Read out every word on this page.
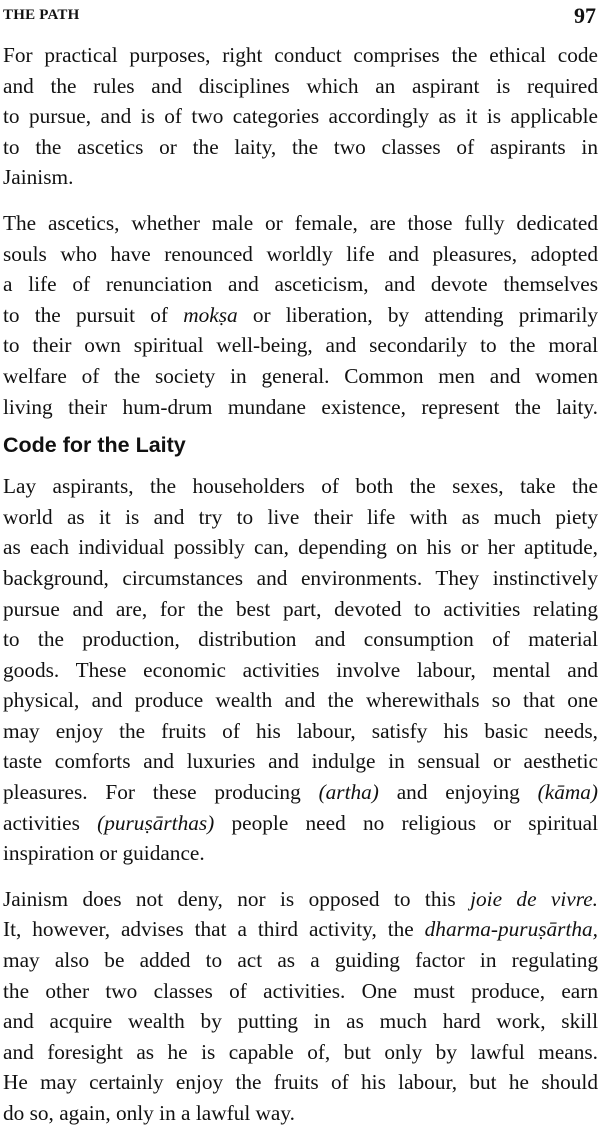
THE PATH	97

For practical purposes, right conduct comprises the ethical code
and the rules and disciplines which an aspirant is required
to pursue, and is of two categories accordingly as it is applicable
to the ascetics or the laity, the two classes of aspirants in
Jainism.

The ascetics, whether male or female, are those fully dedicated
souls who have renounced worldly life and pleasures, adopted
a life of renunciation and asceticism, and devote themselves
to the pursuit of mokṣa or liberation, by attending primarily
to their own spiritual well-being, and secondarily to the moral
welfare of the society in general. Common men and women
living their hum-drum mundane existence, represent the laity.

Code for the Laity

Lay aspirants, the householders of both the sexes, take the
world as it is and try to live their life with as much piety
as each individual possibly can, depending on his or her aptitude,
background, circumstances and environments. They instinctively
pursue and are, for the best part, devoted to activities relating
to the production, distribution and consumption of material
goods. These economic activities involve labour, mental and
physical, and produce wealth and the wherewithals so that one
may enjoy the fruits of his labour, satisfy his basic needs,
taste comforts and luxuries and indulge in sensual or aesthetic
pleasures. For these producing (artha) and enjoying (kāma)
activities (puruṣārthas) people need no religious or spiritual
inspiration or guidance.

Jainism does not deny, nor is opposed to this joie de vivre.
It, however, advises that a third activity, the dharma-puruṣārtha,
may also be added to act as a guiding factor in regulating
the other two classes of activities. One must produce, earn
and acquire wealth by putting in as much hard work, skill
and foresight as he is capable of, but only by lawful means.
He may certainly enjoy the fruits of his labour, but he should
do so, again, only in a lawful way.
